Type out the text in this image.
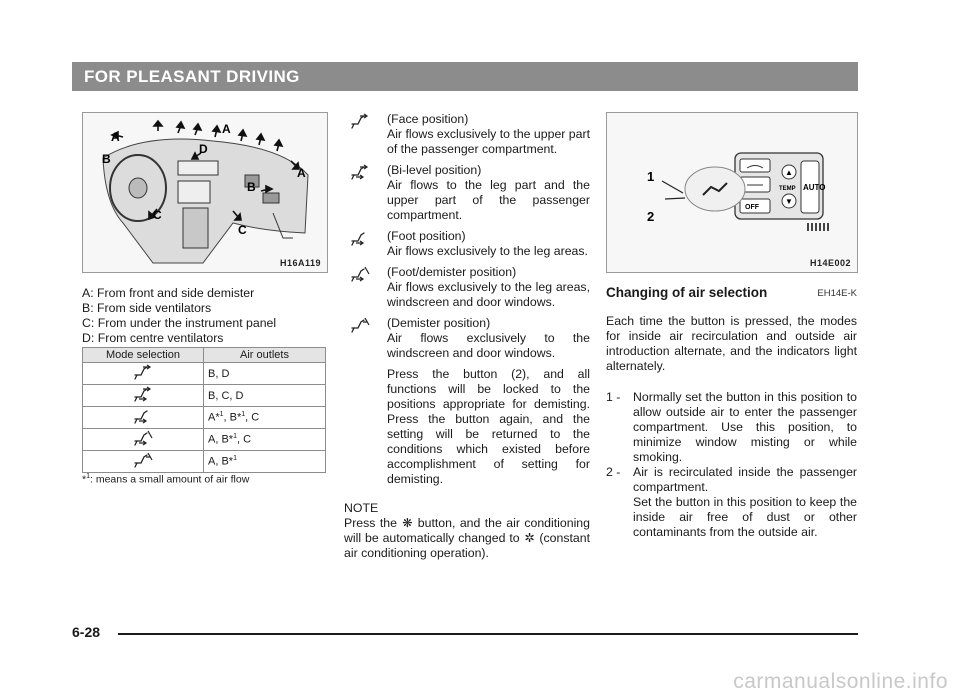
FOR PLEASANT DRIVING
A
A
A
B
B
C
C
D
H16A119
A: From front and side demister
B: From side ventilators
C: From under the instrument panel
D: From centre ventilators
Mode selection	Air outlets
	B, D
	B, C, D
	A*$^1$, B*$^1$, C
	A, B*$^1$, C
	A, B*$^1$
*$^1$: means a small amount of air flow
(Face position)
Air flows exclusively to the upper part of the passenger compartment.
(Bi-level position)
Air flows to the leg part and the upper part of the passenger compartment.
(Foot position)
Air flows exclusively to the leg areas.
(Foot/demister position)
Air flows exclusively to the leg areas, windscreen and door windows.
(Demister position)
Air flows exclusively to the windscreen and door windows.
Press the button (2), and all functions will be locked to the positions appropriate for demisting. Press the button again, and the setting will be returned to the conditions which existed before accomplishment of setting for demisting.
NOTE
Press the ❋ button, and the air conditioning will be automatically changed to ✲ (constant air conditioning operation).
▲
▼
TEMP AUTO
OFF
1
2
H14E002
Changing of air selection	EH14E-K
Each time the button is pressed, the modes for inside air recirculation and outside air introduction alternate, and the indicators light alternately.
1 - Normally set the button in this position to allow outside air to enter the passenger compartment. Use this position, to minimize window misting or while smoking.
2 - Air is recirculated inside the passenger compartment.
Set the button in this position to keep the inside air free of dust or other contaminants from the outside air.
6-28
carmanualsonline.info
